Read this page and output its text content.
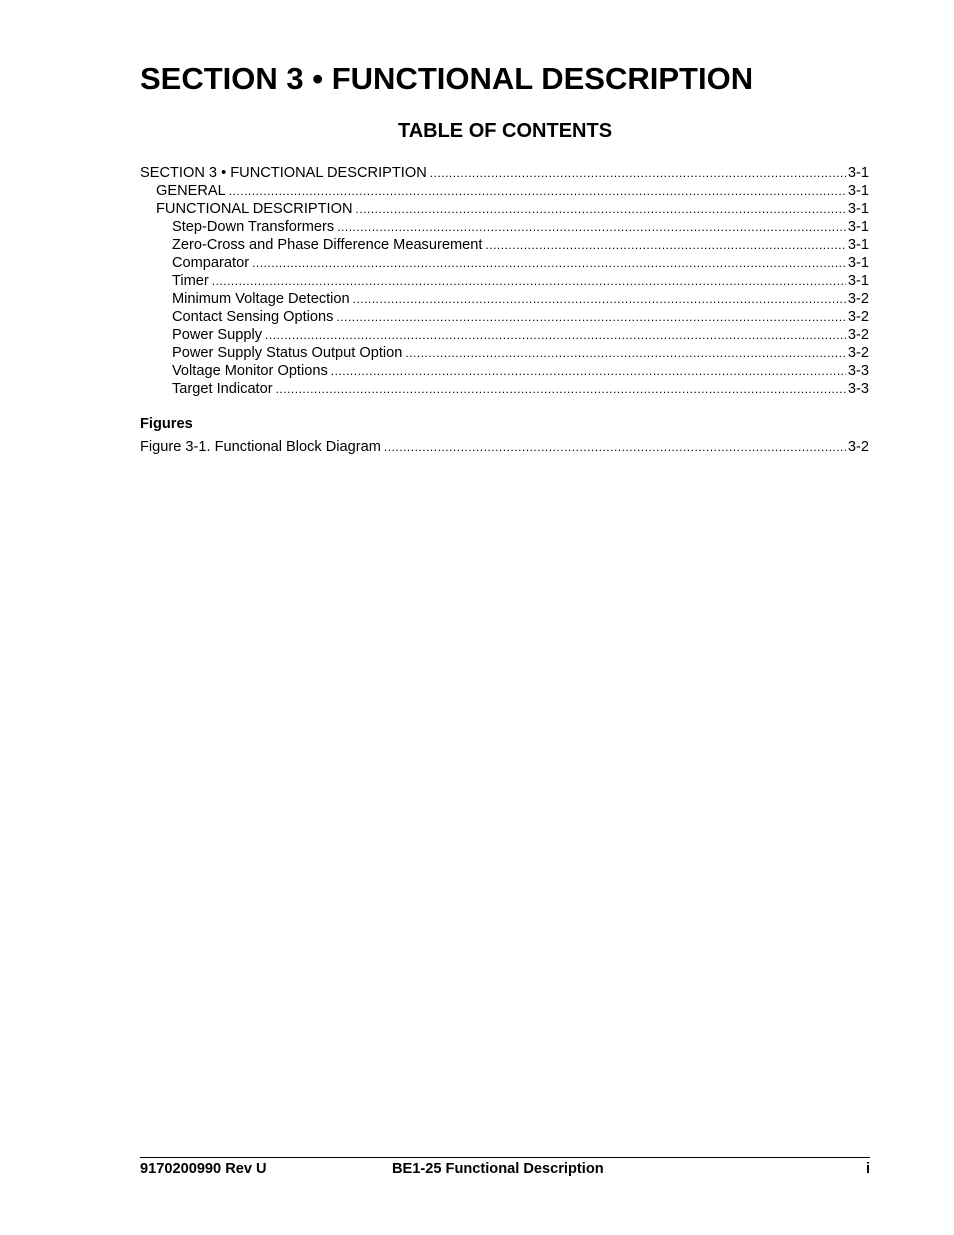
SECTION 3 • FUNCTIONAL DESCRIPTION
TABLE OF CONTENTS
SECTION 3 • FUNCTIONAL DESCRIPTION .....	3-1
GENERAL .....	3-1
FUNCTIONAL DESCRIPTION .....	3-1
Step-Down Transformers .....	3-1
Zero-Cross and Phase Difference Measurement .....	3-1
Comparator .....	3-1
Timer .....	3-1
Minimum Voltage Detection .....	3-2
Contact Sensing Options .....	3-2
Power Supply .....	3-2
Power Supply Status Output Option .....	3-2
Voltage Monitor Options .....	3-3
Target Indicator .....	3-3
Figures
Figure 3-1. Functional Block Diagram .....	3-2
9170200990 Rev U	BE1-25 Functional Description	i
